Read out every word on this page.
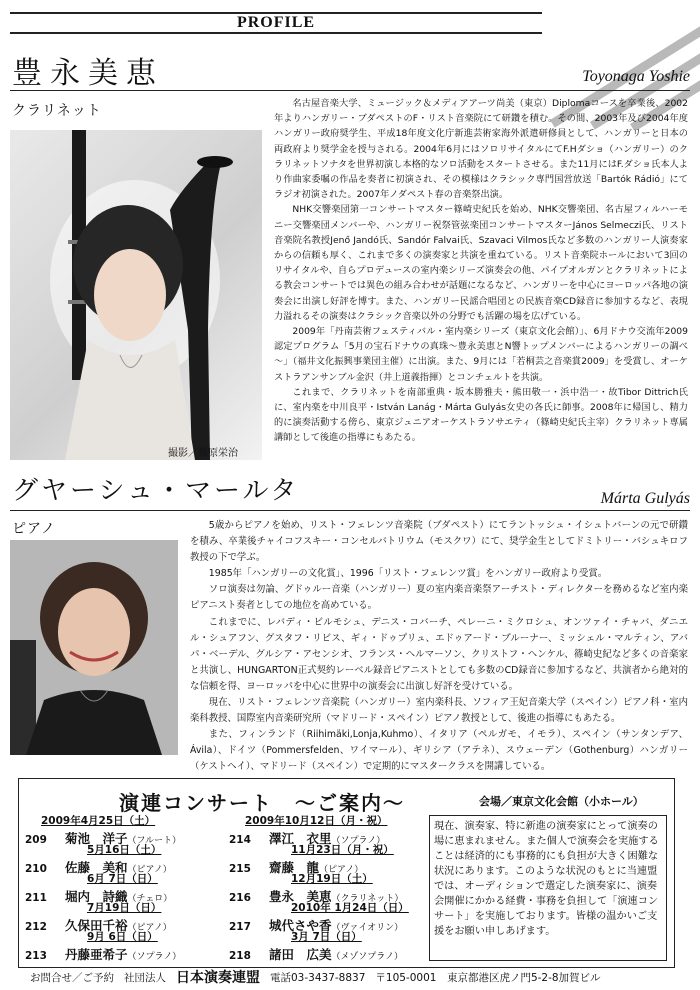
PROFILE
豊永美恵	Toyonaga Yoshie
クラリネット
撮影／篠原栄治

名古屋音楽大学、ミュージック＆メディアアーツ尚美（東京）Diplomaコースを卒業後、2002年よりハンガリー・ブダペストのF・リスト音楽院にて研鑽を積む。その間、2003年及び2004年度ハンガリー政府奨学生、平成18年度文化庁新進芸術家海外派遣研修員として、ハンガリーと日本の両政府より奨学金を授与される。2004年6月にはソロリサイタルにてF.Hダショ（ハンガリー）のクラリネットソナタを世界初演し本格的なソロ活動をスタートさせる。また11月にはF.ダショ氏本人より作曲家委嘱の作品を奏者に初演され、その模様はクラシック専門国営放送「Bartók Rádió」にてラジオ初演された。2007年ノダペスト春の音楽祭出演。

NHK交響楽団第一コンサートマスター篠崎史紀氏を始め、NHK交響楽団、名古屋フィルハーモニー交響楽団メンバーや、ハンガリー祝祭管弦楽団コンサートマスターJános Selmeczi氏、リスト音楽院名教授Jenő Jandó氏、Sandór Falvai氏、Szavaci Vilmos氏など多数のハンガリー人演奏家からの信頼も厚く、これまで多くの演奏家と共演を重ねている。リスト音楽院ホールにおいて3回のリサイタルや、自らプロデュースの室内楽シリーズ演奏会の他、パイプオルガンとクラリネットによる教会コンサートでは異色の組み合わせが話題になるなど、ハンガリーを中心にヨーロッパ各地の演奏会に出演し好評を博す。また、ハンガリー民謡合唱団との民族音楽CD録音に参加するなど、表現力溢れるその演奏はクラシック音楽以外の分野でも活躍の場を広げている。

2009年「丹南芸術フェスティバル・室内楽シリーズ（東京文化会館）」、6月ドナウ交流年2009認定プログラム「5月の宝石ドナウの真珠～豊永美恵とN響トップメンバーによるハンガリーの調べ～」（福井文化振興事業団主催）に出演。また、9月には「若桐芸之音楽賞2009」を受賞し、オーケストラアンサンブル金沢（井上道義指揮）とコンチェルトを共演。

これまで、クラリネットを南部重典・坂本勝雅夫・熊田敬一・浜中浩一・故Tibor Dittrich氏に、室内楽を中川良平・István Lanág・Márta Gulyás女史の各氏に師事。2008年に帰国し、精力的に演奏活動する傍ら、東京ジュニアオーケストラソサエティ（篠崎史紀氏主宰）クラリネット専属講師として後進の指導にもあたる。

グヤーシュ・マールタ	Márta Gulyás
ピアノ	5歳からピアノを始め、リスト・フェレンツ音楽院（ブダペスト）にてラントッシュ・イシュトバーンの元で研鑽を積み、卒業後チャイコフスキー・コンセルバトリウム（モスクワ）にて、奨学金生としてドミトリー・バシュキロフ教授の下で学ぶ。

1985年「ハンガリーの文化賞」、1996「リスト・フェレンツ賞」をハンガリー政府より受賞。

ソロ演奏は勿論、グドゥルー音楽（ハンガリー）夏の室内楽音楽祭アーチスト・ディレクターを務めるなど室内楽ピアニスト奏者としての地位を高めている。

これまでに、レバディ・ビルモシュ、デニス・コバーチ、ペレーニ・ミクロシュ、オンツァイ・チャバ、ダニエル・シュアフン、グスタフ・リビス、ギィ・ドゥプリュ、エドゥアード・ブルーナー、ミッシェル・マルティン、アバパ・ベーデル、グルシア・アセンシオ、フランス・ヘルマーソン、クリストフ・ヘンケル、篠崎史紀など多くの音楽家と共演し、HUNGARTON正式契約レーベル録音ピアニストとしても多数のCD録音に参加するなど、共演者から絶対的な信頼を得、ヨーロッパを中心に世界中の演奏会に出演し好評を受けている。

現在、リスト・フェレンツ音楽院（ハンガリー）室内楽科長、ソフィア王妃音楽大学（スペイン）ピアノ科・室内楽科教授、国際室内音楽研究所（マドリード・スペイン）ピアノ教授として、後進の指導にもあたる。

また、フィンランド（Riihimäki,Lonja,Kuhmo）、イタリア（ペルガモ、イモラ）、スペイン（サンタンデア、Ávila）、ドイツ（Pommersfelden、ワイマール）、ギリシア（アテネ）、スウェーデン（Gothenburg）ハンガリー（ケストヘイ）、マドリード（スペイン）で定期的にマスタークラスを開講している。

演連コンサート　～ご案内～	会場／東京文化会館（小ホール）
2009年4月25日（土）
209 菊池　洋子（フルート）
5月16日（土）
210 佐藤　美和（ピアノ）
6月 7日（日）
211 堀内　詩織（チェロ）
7月19日（日）
212 久保田千裕（ピアノ）
9月 6日（日）
213 丹藤亜希子（ソプラノ）
2009年10月12日（月・祝）
214 澤江　衣里（ソプラノ）
11月23日（月・祝）
215 齋藤　龍（ピアノ）
12月19日（土）
216 豊永　美恵（クラリネット）
2010年 1月24日（日）
217 城代さや香（ヴァイオリン）
3月 7日（日）
218 諸田　広美（メゾソプラノ）
現在、演奏家、特に新進の演奏家にとって演奏の場に恵まれません。また個人で演奏会を実施することは経済的にも事務的にも負担が大きく困難な状況にあります。このような状況のもとに当連盟では、オーディションで選定した演奏家に、演奏会開催にかかる経費・事務を負担して「演連コンサート」を実施しております。皆様の温かいご支援をお願い申しあげます。
お問合せ／ご予約 社団法人 日本演奏連盟 電話03-3437-8837 〒105-0001　東京都港区虎ノ門5-2-8加賀ビル
